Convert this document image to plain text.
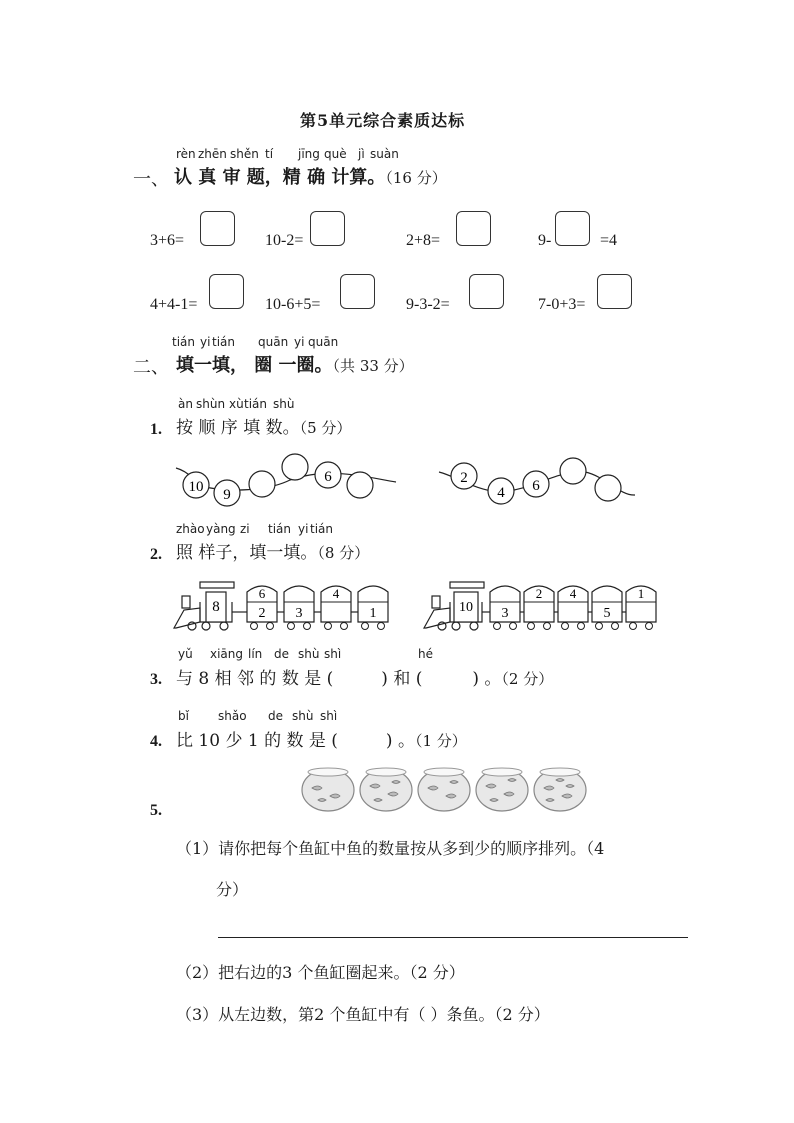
第5单元综合素质达标
rèn zhēn shěn tí jīng què jì suàn
一、 认 真 审 题，精 确 计算。（16 分）
3+6=	10-2=	2+8=	9-	=4
4+4-1=	10-6+5=	9-3-2=	7-0+3=
tián yi tián quān yi quān
二、 填一填， 圈 一圈。（共 33 分）
àn shùn xù tián shù
1. 按 顺 序 填 数。（5 分）
10 9
6	2
4 6
zhào yàng zi tián yi tián
2. 照 样子，填一填。（8 分）
8
6
2 3
4
1	10 3
2 4
5
1
yǔ xiāng lín de shù shì	hé
3. 与 8 相 邻 的 数 是 (	) 和 (	) 。（2 分）
bǐ shǎo de shù shì
4. 比 10 少 1 的 数 是 (	) 。（1 分）
5.
（1）请你把每个鱼缸中鱼的数量按从多到少的顺序排列。（4
分）
（2）把右边的3 个鱼缸圈起来。（2 分）
（3）从左边数，第2 个鱼缸中有（ ）条鱼。（2 分）
